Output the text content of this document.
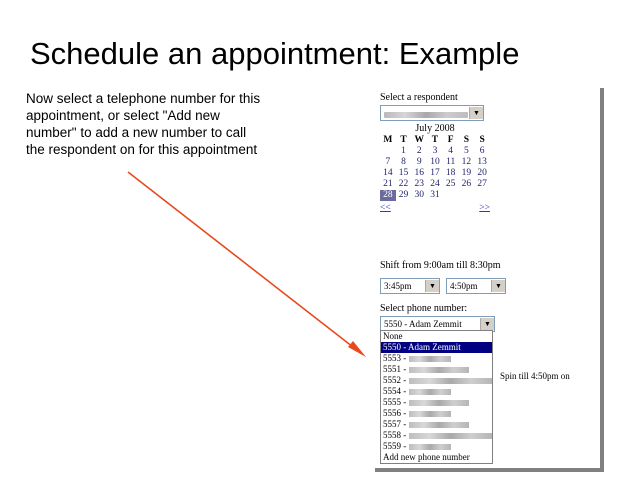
Schedule an appointment: Example
Now select a telephone number for this appointment, or select "Add new number" to add a new number to call the respondent on for this appointment
Select a respondent
▼
July 2008
M	T	W	T	F	S	S
	1	2	3	4	5	6
7	8	9	10	11	12	13
14	15	16	17	18	19	20
21	22	23	24	25	26	27
28	29	30	31			
<<	>>
Shift from 9:00am till 8:30pm
3:45pm	▼	4:50pm	▼
Select phone number:
5550 - Adam Zemmit	▼
None
5550 - Adam Zemmit
5553 -
5551 -
5552 -
5554 -
5555 -
5556 -
5557 -
5558 -
5559 -
Add new phone number
Spin till 4:50pm on
